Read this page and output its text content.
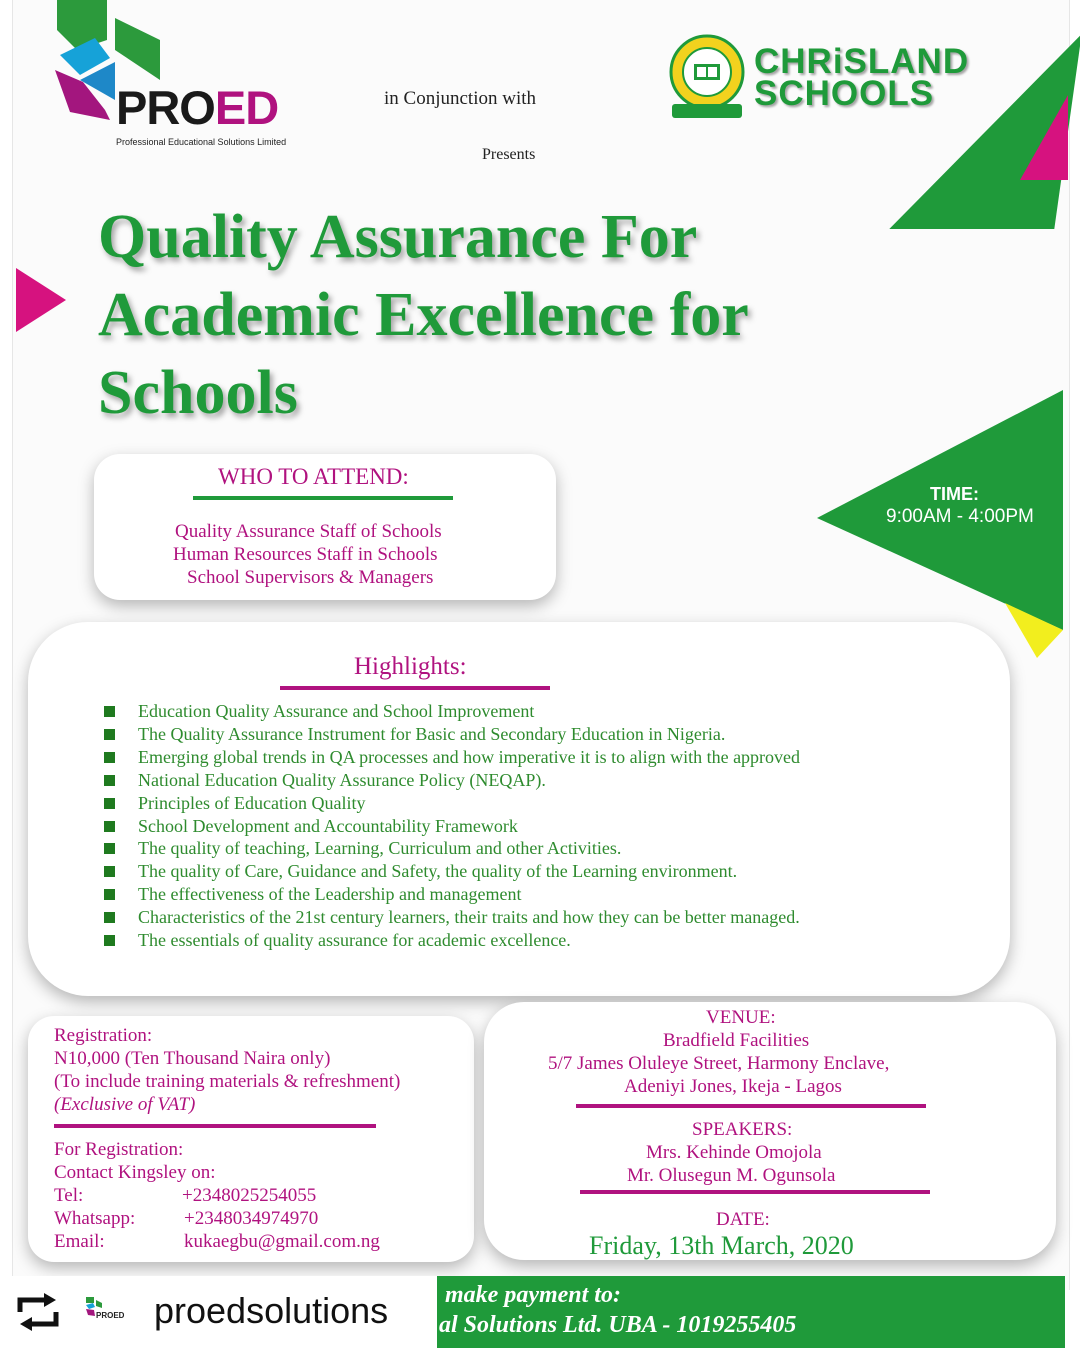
PROED
Professional Educational Solutions Limited
in Conjunction with
Presents
CHRiSLAND
SCHOOLS
Quality Assurance For
Academic Excellence for
Schools
WHO TO ATTEND:
Quality Assurance Staff of Schools
Human Resources Staff in Schools
School Supervisors & Managers
TIME:
9:00AM - 4:00PM
Highlights:
Education Quality Assurance and School Improvement
The Quality Assurance Instrument for Basic and Secondary Education in Nigeria.
Emerging global trends in QA processes and how imperative it is to align with the approved
National Education Quality Assurance Policy (NEQAP).
Principles of Education Quality
School Development and Accountability Framework
The quality of teaching, Learning, Curriculum and other Activities.
The quality of Care, Guidance and Safety, the quality of the Learning environment.
The effectiveness of the Leadership and management
Characteristics of the 21st century learners, their traits and how they can be better managed.
The essentials of quality assurance for academic excellence.
Registration:
N10,000 (Ten Thousand Naira only)
(To include training materials & refreshment)
(Exclusive of VAT)
For Registration:
Contact Kingsley on:
Tel:	+2348025254055
Whatsapp:	+2348034974970
Email:	kukaegbu@gmail.com.ng
VENUE:
Bradfield Facilities
5/7 James Oluleye Street, Harmony Enclave,
Adeniyi Jones, Ikeja - Lagos
SPEAKERS:
Mrs. Kehinde Omojola
Mr. Olusegun M. Ogunsola
DATE:
Friday, 13th March, 2020
make payment to:
al Solutions Ltd. UBA - 1019255405
PROED proedsolutions
